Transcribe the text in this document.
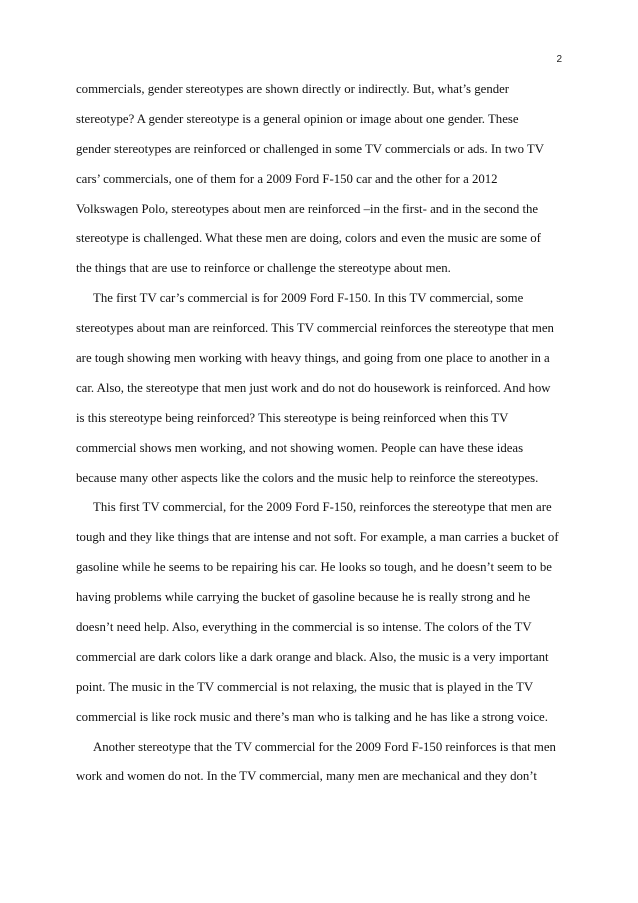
2
commercials, gender stereotypes are shown directly or indirectly. But, what’s gender
stereotype? A gender stereotype is a general opinion or image about one gender. These
gender stereotypes are reinforced or challenged in some TV commercials or ads. In two TV
cars’ commercials, one of them for a 2009 Ford F-150 car and the other for a 2012
Volkswagen Polo, stereotypes about men are reinforced –in the first- and in the second the
stereotype is challenged. What these men are doing, colors and even the music are some of
the things that are use to reinforce or challenge the stereotype about men.
The first TV car’s commercial is for 2009 Ford F-150. In this TV commercial, some
stereotypes about man are reinforced. This TV commercial reinforces the stereotype that men
are tough showing men working with heavy things, and going from one place to another in a
car. Also, the stereotype that men just work and do not do housework is reinforced. And how
is this stereotype being reinforced? This stereotype is being reinforced when this TV
commercial shows men working, and not showing women. People can have these ideas
because many other aspects like the colors and the music help to reinforce the stereotypes.
This first TV commercial, for the 2009 Ford F-150, reinforces the stereotype that men are
tough and they like things that are intense and not soft. For example, a man carries a bucket of
gasoline while he seems to be repairing his car. He looks so tough, and he doesn’t seem to be
having problems while carrying the bucket of gasoline because he is really strong and he
doesn’t need help. Also, everything in the commercial is so intense. The colors of the TV
commercial are dark colors like a dark orange and black. Also, the music is a very important
point. The music in the TV commercial is not relaxing, the music that is played in the TV
commercial is like rock music and there’s man who is talking and he has like a strong voice.
Another stereotype that the TV commercial for the 2009 Ford F-150 reinforces is that men
work and women do not. In the TV commercial, many men are mechanical and they don’t
